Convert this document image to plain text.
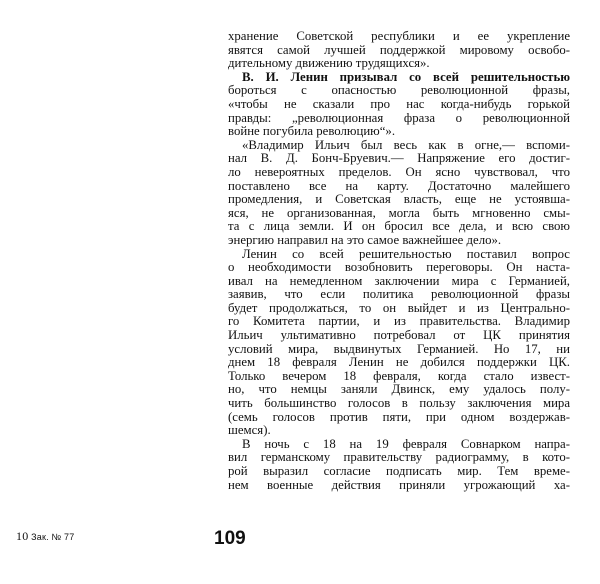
хранение Советской республики и ее укрепление
явятся самой лучшей поддержкой мировому освобо-
дительному движению трудящихся».
В. И. Ленин призывал со всей решительностью
бороться с опасностью революционной фразы,
«чтобы не сказали про нас когда-нибудь горькой
правды: „революционная фраза о революционной
войне погубила революцию“».
«Владимир Ильич был весь как в огне,— вспоми-
нал В. Д. Бонч-Бруевич.— Напряжение его достиг-
ло невероятных пределов. Он ясно чувствовал, что
поставлено все на карту. Достаточно малейшего
промедления, и Советская власть, еще не устоявша-
яся, не организованная, могла быть мгновенно смы-
та с лица земли. И он бросил все дела, и всю свою
энергию направил на это самое важнейшее дело».
Ленин со всей решительностью поставил вопрос
о необходимости возобновить переговоры. Он наста-
ивал на немедленном заключении мира с Германией,
заявив, что если политика революционной фразы
будет продолжаться, то он выйдет и из Центрально-
го Комитета партии, и из правительства. Владимир
Ильич ультимативно потребовал от ЦК принятия
условий мира, выдвинутых Германией. Но 17, ни
днем 18 февраля Ленин не добился поддержки ЦК.
Только вечером 18 февраля, когда стало извест-
но, что немцы заняли Двинск, ему удалось полу-
чить большинство голосов в пользу заключения мира
(семь голосов против пяти, при одном воздержав-
шемся).
В ночь с 18 на 19 февраля Совнарком напра-
вил германскому правительству радиограмму, в кото-
рой выразил согласие подписать мир. Тем време-
нем военные действия приняли угрожающий ха-
10 Зак. № 77	109
